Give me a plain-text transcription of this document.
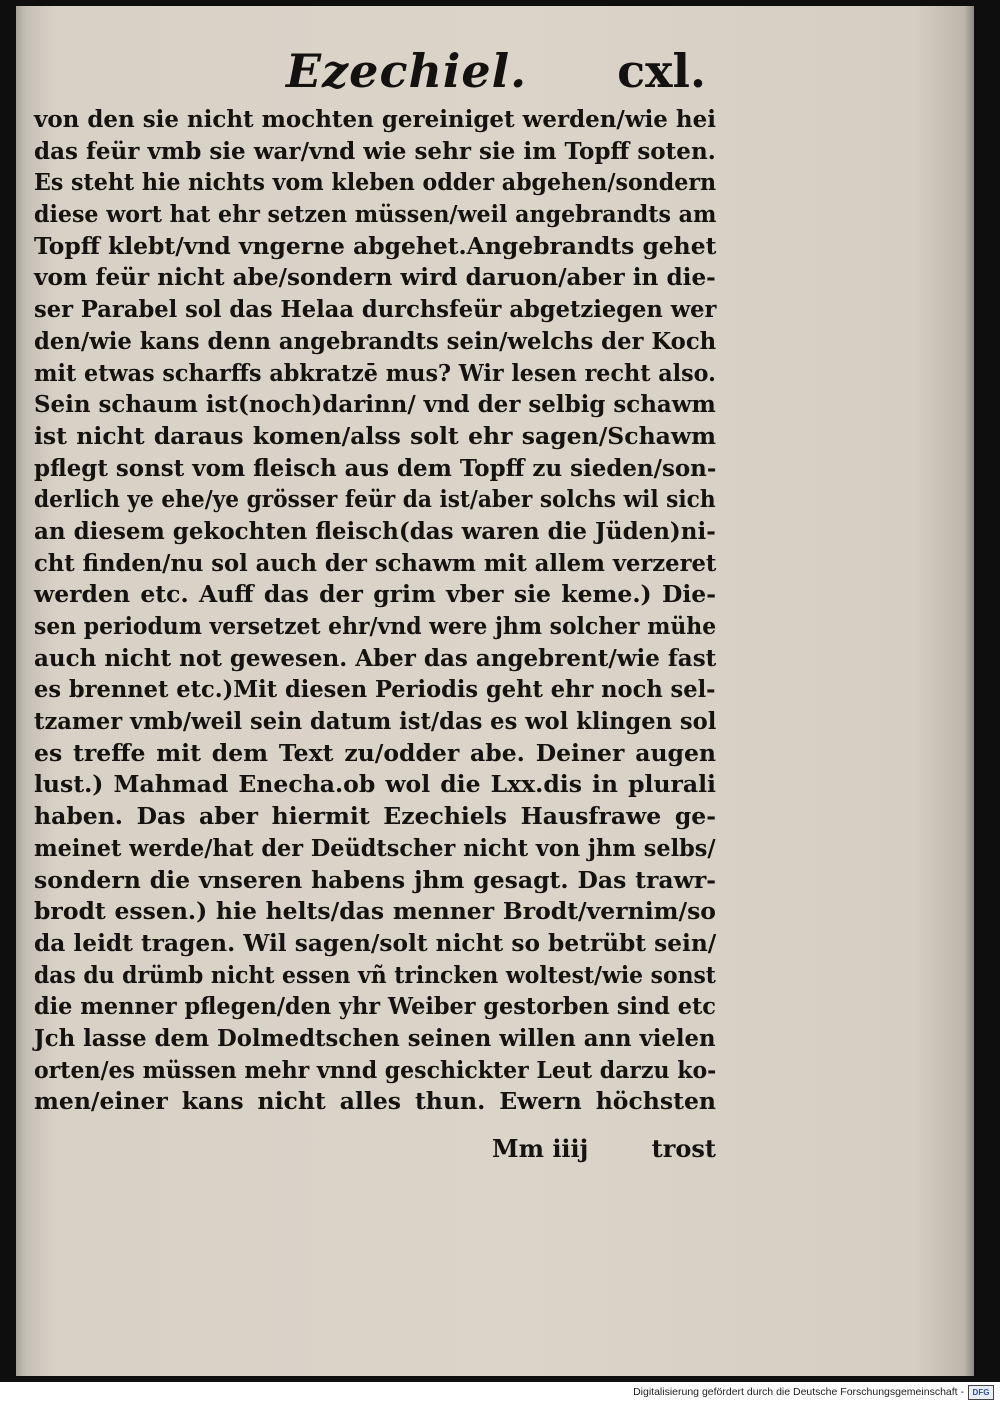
Ezechiel. cxl.
von den sie nicht mochten gereiniget werden/wie hei
das feür vmb sie war/vnd wie sehr sie im Topff soten.
Es steht hie nichts vom kleben odder abgehen/sondern
diese wort hat ehr setzen müssen/weil angebrandts am
Topff klebt/vnd vngerne abgehet.Angebrandts gehet
vom feür nicht abe/sondern wird daruon/aber in die-
ser Parabel sol das Helaa durchsfeür abgetziegen wer
den/wie kans denn angebrandts sein/welchs der Koch
mit etwas scharffs abkratzē mus? Wir lesen recht also.
Sein schaum ist(noch)darinn/ vnd der selbig schawm
ist nicht daraus komen/alss solt ehr sagen/Schawm
pflegt sonst vom fleisch aus dem Topff zu sieden/son-
derlich ye ehe/ye grösser feür da ist/aber solchs wil sich
an diesem gekochten fleisch(das waren die Jüden)ni-
cht finden/nu sol auch der schawm mit allem verzeret
werden etc. Auff das der grim vber sie keme.) Die-
sen periodum versetzet ehr/vnd were jhm solcher mühe
auch nicht not gewesen. Aber das angebrent/wie fast
es brennet etc.)Mit diesen Periodis geht ehr noch sel-
tzamer vmb/weil sein datum ist/das es wol klingen sol
es treffe mit dem Text zu/odder abe. Deiner augen
lust.) Mahmad Enecha.ob wol die Lxx.dis in plurali
haben. Das aber hiermit Ezechiels Hausfrawe ge-
meinet werde/hat der Deüdtscher nicht von jhm selbs/
sondern die vnseren habens jhm gesagt. Das trawr-
brodt essen.) hie helts/das menner Brodt/vernim/so
da leidt tragen. Wil sagen/solt nicht so betrübt sein/
das du drümb nicht essen vñ trincken woltest/wie sonst
die menner pflegen/den yhr Weiber gestorben sind etc
Jch lasse dem Dolmedtschen seinen willen ann vielen
orten/es müssen mehr vnnd geschickter Leut darzu ko-
men/einer kans nicht alles thun. Ewern höchsten
Mm iiij	trost
Digitalisierung gefördert durch die Deutsche Forschungsgemeinschaft -	DFG
